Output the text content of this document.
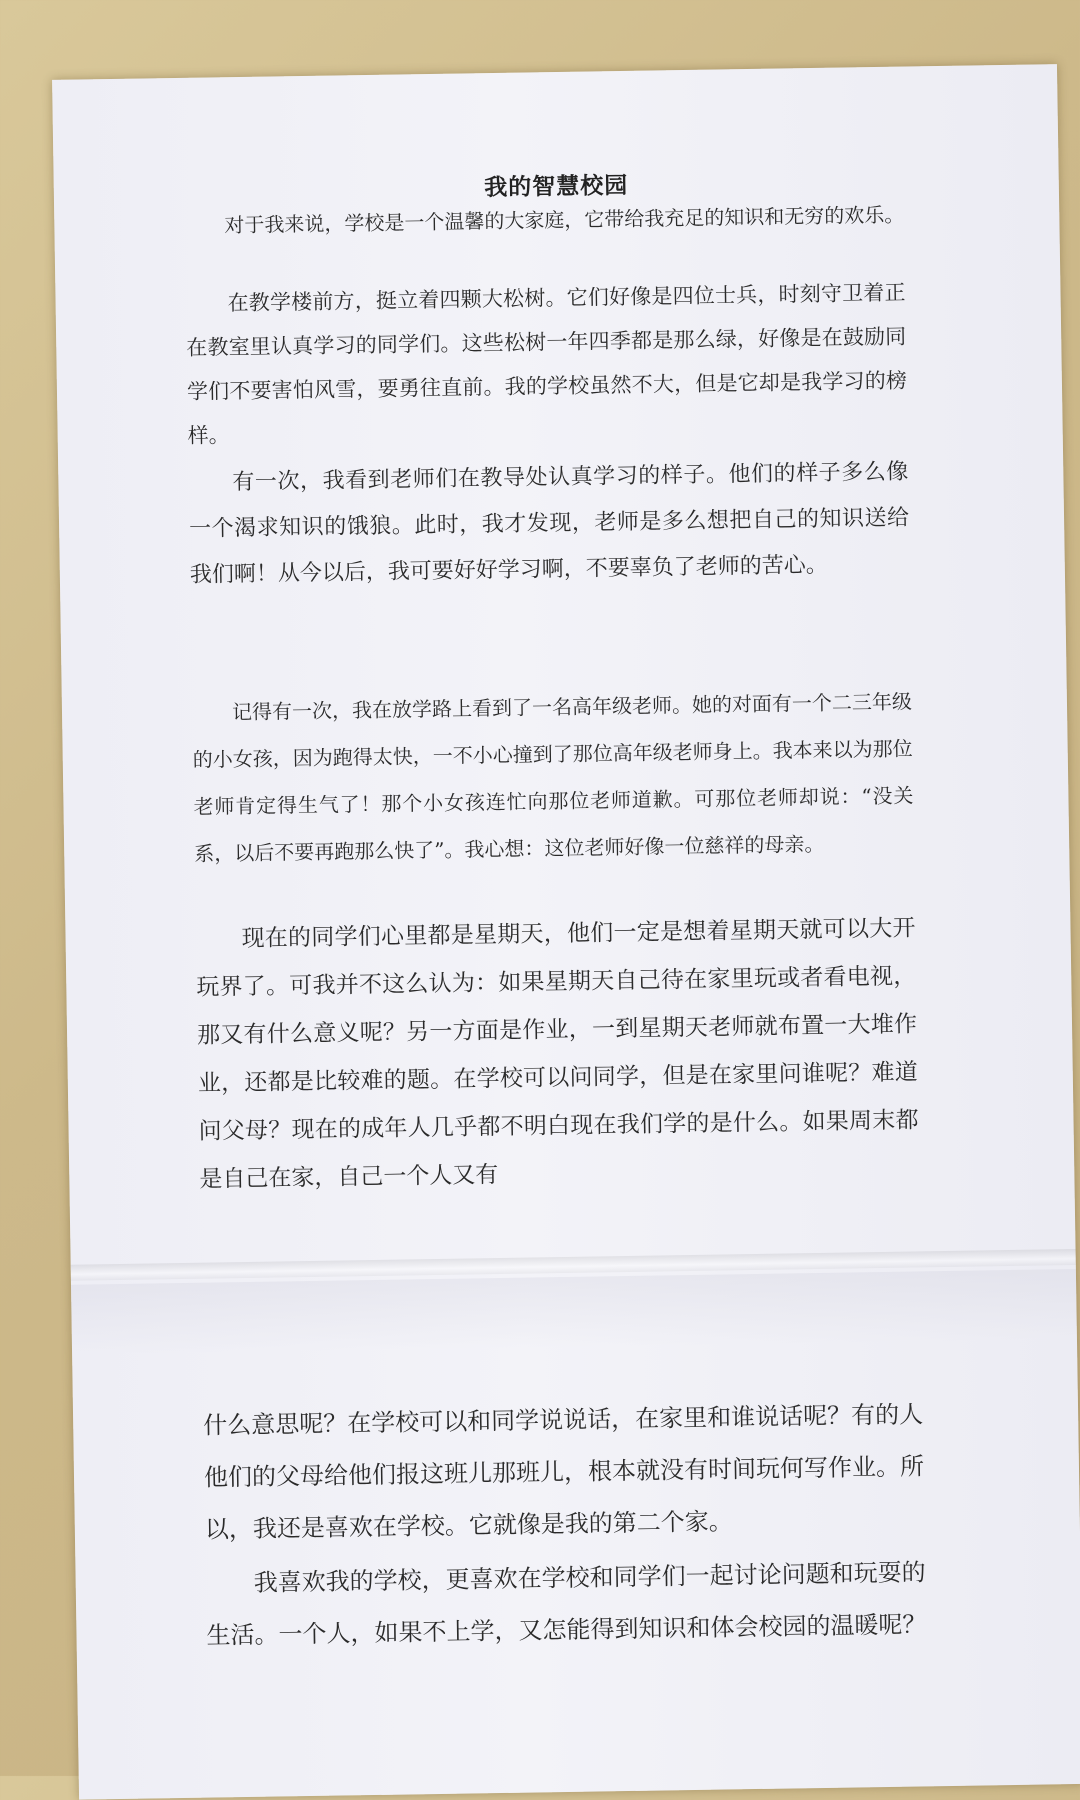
我的智慧校园
对于我来说，学校是一个温馨的大家庭，它带给我充足的知识和无穷的欢乐。
在教学楼前方，挺立着四颗大松树。它们好像是四位士兵，时刻守卫着正在教室里认真学习的同学们。这些松树一年四季都是那么绿，好像是在鼓励同学们不要害怕风雪，要勇往直前。我的学校虽然不大，但是它却是我学习的榜样。
有一次，我看到老师们在教导处认真学习的样子。他们的样子多么像一个渴求知识的饿狼。此时，我才发现，老师是多么想把自己的知识送给我们啊！从今以后，我可要好好学习啊，不要辜负了老师的苦心。
记得有一次，我在放学路上看到了一名高年级老师。她的对面有一个二三年级的小女孩，因为跑得太快，一不小心撞到了那位高年级老师身上。我本来以为那位老师肯定得生气了！那个小女孩连忙向那位老师道歉。可那位老师却说：“没关系，以后不要再跑那么快了”。我心想：这位老师好像一位慈祥的母亲。
现在的同学们心里都是星期天，他们一定是想着星期天就可以大开玩界了。可我并不这么认为：如果星期天自己待在家里玩或者看电视，那又有什么意义呢？另一方面是作业，一到星期天老师就布置一大堆作业，还都是比较难的题。在学校可以问同学，但是在家里问谁呢？难道问父母？现在的成年人几乎都不明白现在我们学的是什么。如果周末都是自己在家，自己一个人又有
什么意思呢？在学校可以和同学说说话，在家里和谁说话呢？有的人他们的父母给他们报这班儿那班儿，根本就没有时间玩何写作业。所以，我还是喜欢在学校。它就像是我的第二个家。
我喜欢我的学校，更喜欢在学校和同学们一起讨论问题和玩耍的生活。一个人，如果不上学，又怎能得到知识和体会校园的温暖呢？
